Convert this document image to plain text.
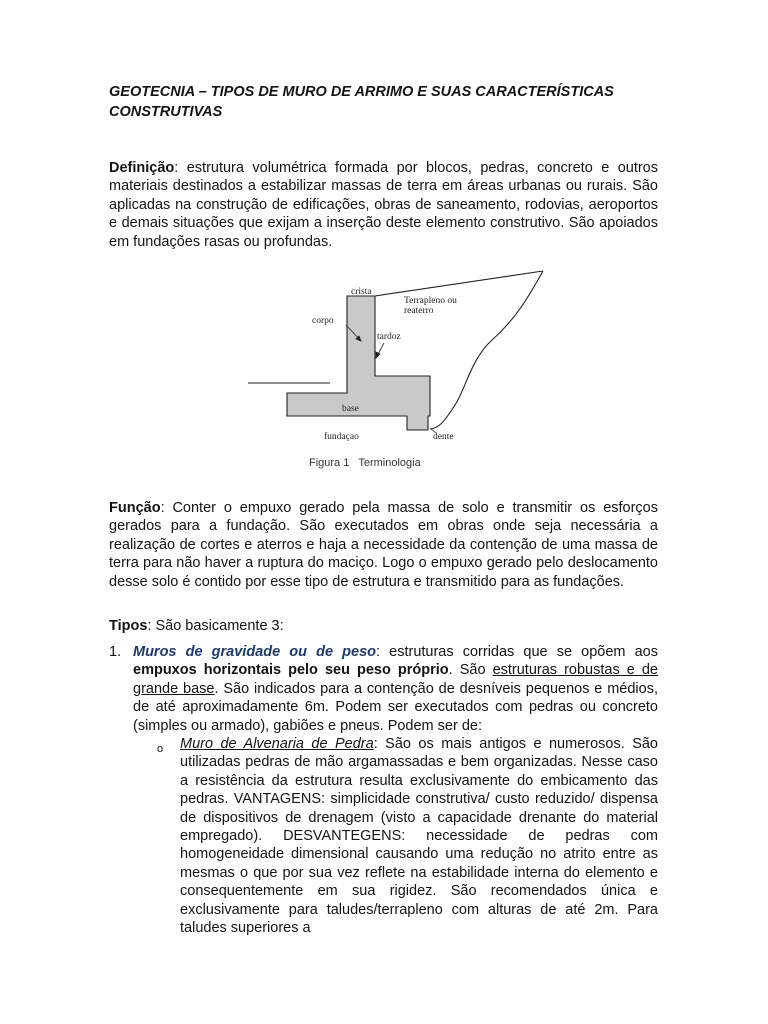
GEOTECNIA – TIPOS DE MURO DE ARRIMO E SUAS CARACTERÍSTICAS CONSTRUTIVAS

Definição: estrutura volumétrica formada por blocos, pedras, concreto e outros materiais destinados a estabilizar massas de terra em áreas urbanas ou rurais. São aplicadas na construção de edificações, obras de saneamento, rodovias, aeroportos e demais situações que exijam a inserção deste elemento construtivo. São apoiados em fundações rasas ou profundas.

crista
Terrapleno ou
reaterro
corpo
tardoz
base
fundaçao	dente
Figura 1   Terminologia

Função: Conter o empuxo gerado pela massa de solo e transmitir os esforços gerados para a fundação. São executados em obras onde seja necessária a realização de cortes e aterros e haja a necessidade da contenção de uma massa de terra para não haver a ruptura do maciço. Logo o empuxo gerado pelo deslocamento desse solo é contido por esse tipo de estrutura e transmitido para as fundações.

Tipos: São basicamente 3:

1. Muros de gravidade ou de peso: estruturas corridas que se opõem aos empuxos horizontais pelo seu peso próprio. São estruturas robustas e de grande base. São indicados para a contenção de desníveis pequenos e médios, de até aproximadamente 6m. Podem ser executados com pedras ou concreto (simples ou armado), gabiões e pneus. Podem ser de:

o Muro de Alvenaria de Pedra: São os mais antigos e numerosos. São utilizadas pedras de mão argamassadas e bem organizadas. Nesse caso a resistência da estrutura resulta exclusivamente do embicamento das pedras. VANTAGENS: simplicidade construtiva/ custo reduzido/ dispensa de dispositivos de drenagem (visto a capacidade drenante do material empregado). DESVANTEGENS: necessidade de pedras com homogeneidade dimensional causando uma redução no atrito entre as mesmas o que por sua vez reflete na estabilidade interna do elemento e consequentemente em sua rigidez. São recomendados única e exclusivamente para taludes/terrapleno com alturas de até 2m. Para taludes superiores a
